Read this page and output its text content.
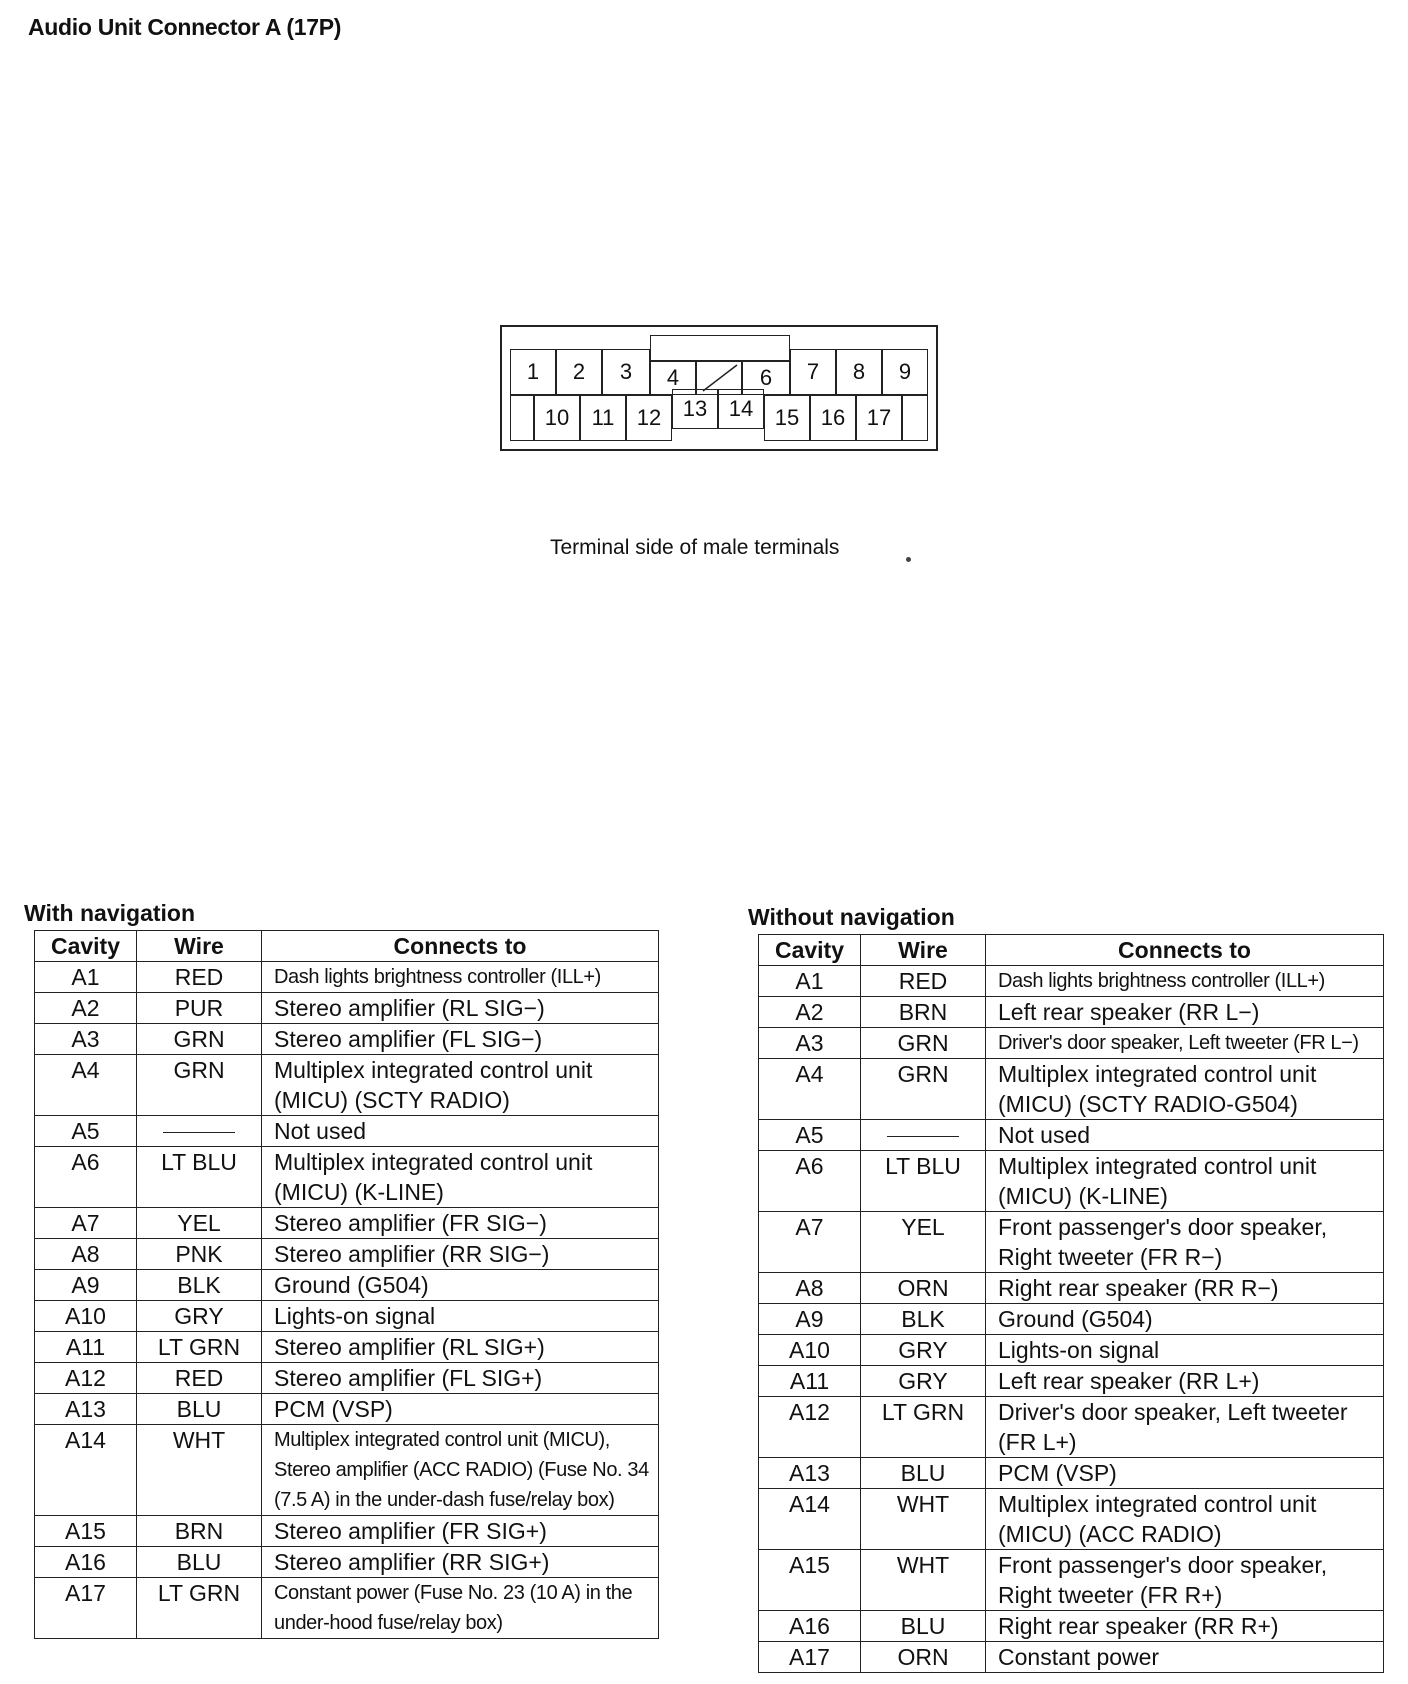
Audio Unit Connector A (17P)
1 2 3 4	6 7 8 9
10 11 12 13 14 15 16 17
Terminal side of male terminals
With navigation
Cavity	Wire	Connects to
A1	RED	Dash lights brightness controller (ILL+)
A2	PUR	Stereo amplifier (RL SIG−)
A3	GRN	Stereo amplifier (FL SIG−)
A4	GRN	Multiplex integrated control unit (MICU) (SCTY RADIO)
A5		Not used
A6	LT BLU	Multiplex integrated control unit (MICU) (K-LINE)
A7	YEL	Stereo amplifier (FR SIG−)
A8	PNK	Stereo amplifier (RR SIG−)
A9	BLK	Ground (G504)
A10	GRY	Lights-on signal
A11	LT GRN	Stereo amplifier (RL SIG+)
A12	RED	Stereo amplifier (FL SIG+)
A13	BLU	PCM (VSP)
A14	WHT	Multiplex integrated control unit (MICU), Stereo amplifier (ACC RADIO) (Fuse No. 34 (7.5 A) in the under-dash fuse/relay box)
A15	BRN	Stereo amplifier (FR SIG+)
A16	BLU	Stereo amplifier (RR SIG+)
A17	LT GRN	Constant power (Fuse No. 23 (10 A) in the under-hood fuse/relay box)
Without navigation
Cavity	Wire	Connects to
A1	RED	Dash lights brightness controller (ILL+)
A2	BRN	Left rear speaker (RR L−)
A3	GRN	Driver's door speaker, Left tweeter (FR L−)
A4	GRN	Multiplex integrated control unit (MICU) (SCTY RADIO-G504)
A5		Not used
A6	LT BLU	Multiplex integrated control unit (MICU) (K-LINE)
A7	YEL	Front passenger's door speaker, Right tweeter (FR R−)
A8	ORN	Right rear speaker (RR R−)
A9	BLK	Ground (G504)
A10	GRY	Lights-on signal
A11	GRY	Left rear speaker (RR L+)
A12	LT GRN	Driver's door speaker, Left tweeter (FR L+)
A13	BLU	PCM (VSP)
A14	WHT	Multiplex integrated control unit (MICU) (ACC RADIO)
A15	WHT	Front passenger's door speaker, Right tweeter (FR R+)
A16	BLU	Right rear speaker (RR R+)
A17	ORN	Constant power
